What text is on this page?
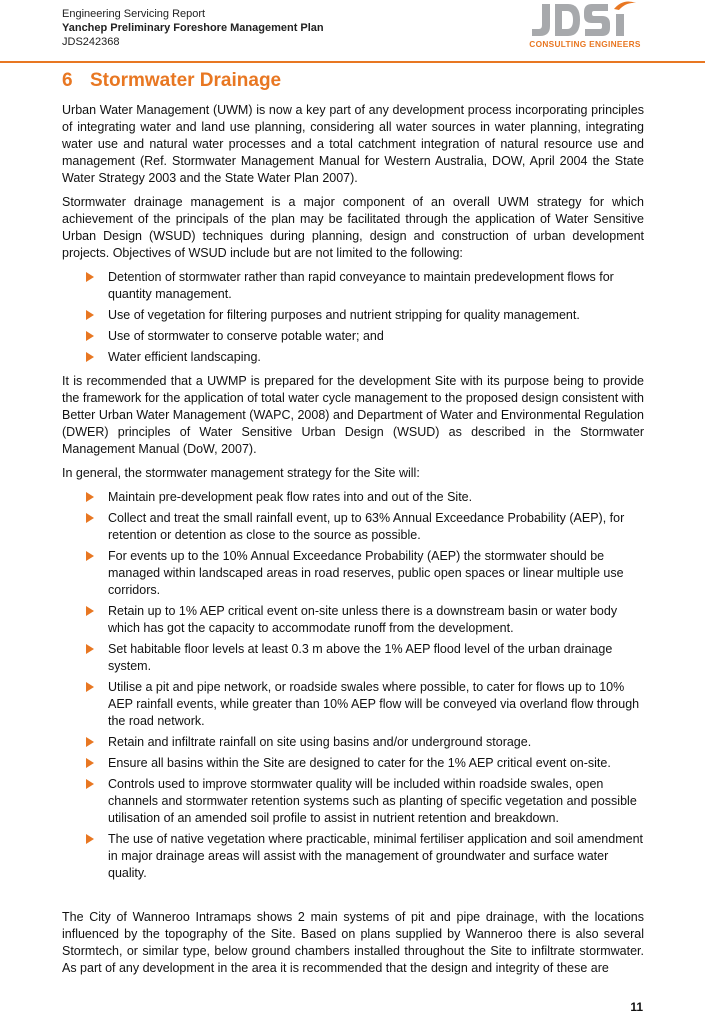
Engineering Servicing Report
Yanchep Preliminary Foreshore Management Plan
JDS242368	CONSULTING ENGINEERS
6 Stormwater Drainage

Urban Water Management (UWM) is now a key part of any development process incorporating principles of integrating water and land use planning, considering all water sources in water planning, integrating water use and natural water processes and a total catchment integration of natural resource use and management (Ref. Stormwater Management Manual for Western Australia, DOW, April 2004 the State Water Strategy 2003 and the State Water Plan 2007).

Stormwater drainage management is a major component of an overall UWM strategy for which achievement of the principals of the plan may be facilitated through the application of Water Sensitive Urban Design (WSUD) techniques during planning, design and construction of urban development projects. Objectives of WSUD include but are not limited to the following:

Detention of stormwater rather than rapid conveyance to maintain predevelopment flows for quantity management.
Use of vegetation for filtering purposes and nutrient stripping for quality management.
Use of stormwater to conserve potable water; and
Water efficient landscaping.

It is recommended that a UWMP is prepared for the development Site with its purpose being to provide the framework for the application of total water cycle management to the proposed design consistent with Better Urban Water Management (WAPC, 2008) and Department of Water and Environmental Regulation (DWER) principles of Water Sensitive Urban Design (WSUD) as described in the Stormwater Management Manual (DoW, 2007).

In general, the stormwater management strategy for the Site will:

Maintain pre-development peak flow rates into and out of the Site.
Collect and treat the small rainfall event, up to 63% Annual Exceedance Probability (AEP), for retention or detention as close to the source as possible.
For events up to the 10% Annual Exceedance Probability (AEP) the stormwater should be managed within landscaped areas in road reserves, public open spaces or linear multiple use corridors.
Retain up to 1% AEP critical event on-site unless there is a downstream basin or water body which has got the capacity to accommodate runoff from the development.
Set habitable floor levels at least 0.3 m above the 1% AEP flood level of the urban drainage system.
Utilise a pit and pipe network, or roadside swales where possible, to cater for flows up to 10% AEP rainfall events, while greater than 10% AEP flow will be conveyed via overland flow through the road network.
Retain and infiltrate rainfall on site using basins and/or underground storage.
Ensure all basins within the Site are designed to cater for the 1% AEP critical event on-site.
Controls used to improve stormwater quality will be included within roadside swales, open channels and stormwater retention systems such as planting of specific vegetation and possible utilisation of an amended soil profile to assist in nutrient retention and breakdown.
The use of native vegetation where practicable, minimal fertiliser application and soil amendment in major drainage areas will assist with the management of groundwater and surface water quality.

The City of Wanneroo Intramaps shows 2 main systems of pit and pipe drainage, with the locations influenced by the topography of the Site. Based on plans supplied by Wanneroo there is also several Stormtech, or similar type, below ground chambers installed throughout the Site to infiltrate stormwater. As part of any development in the area it is recommended that the design and integrity of these are

11
